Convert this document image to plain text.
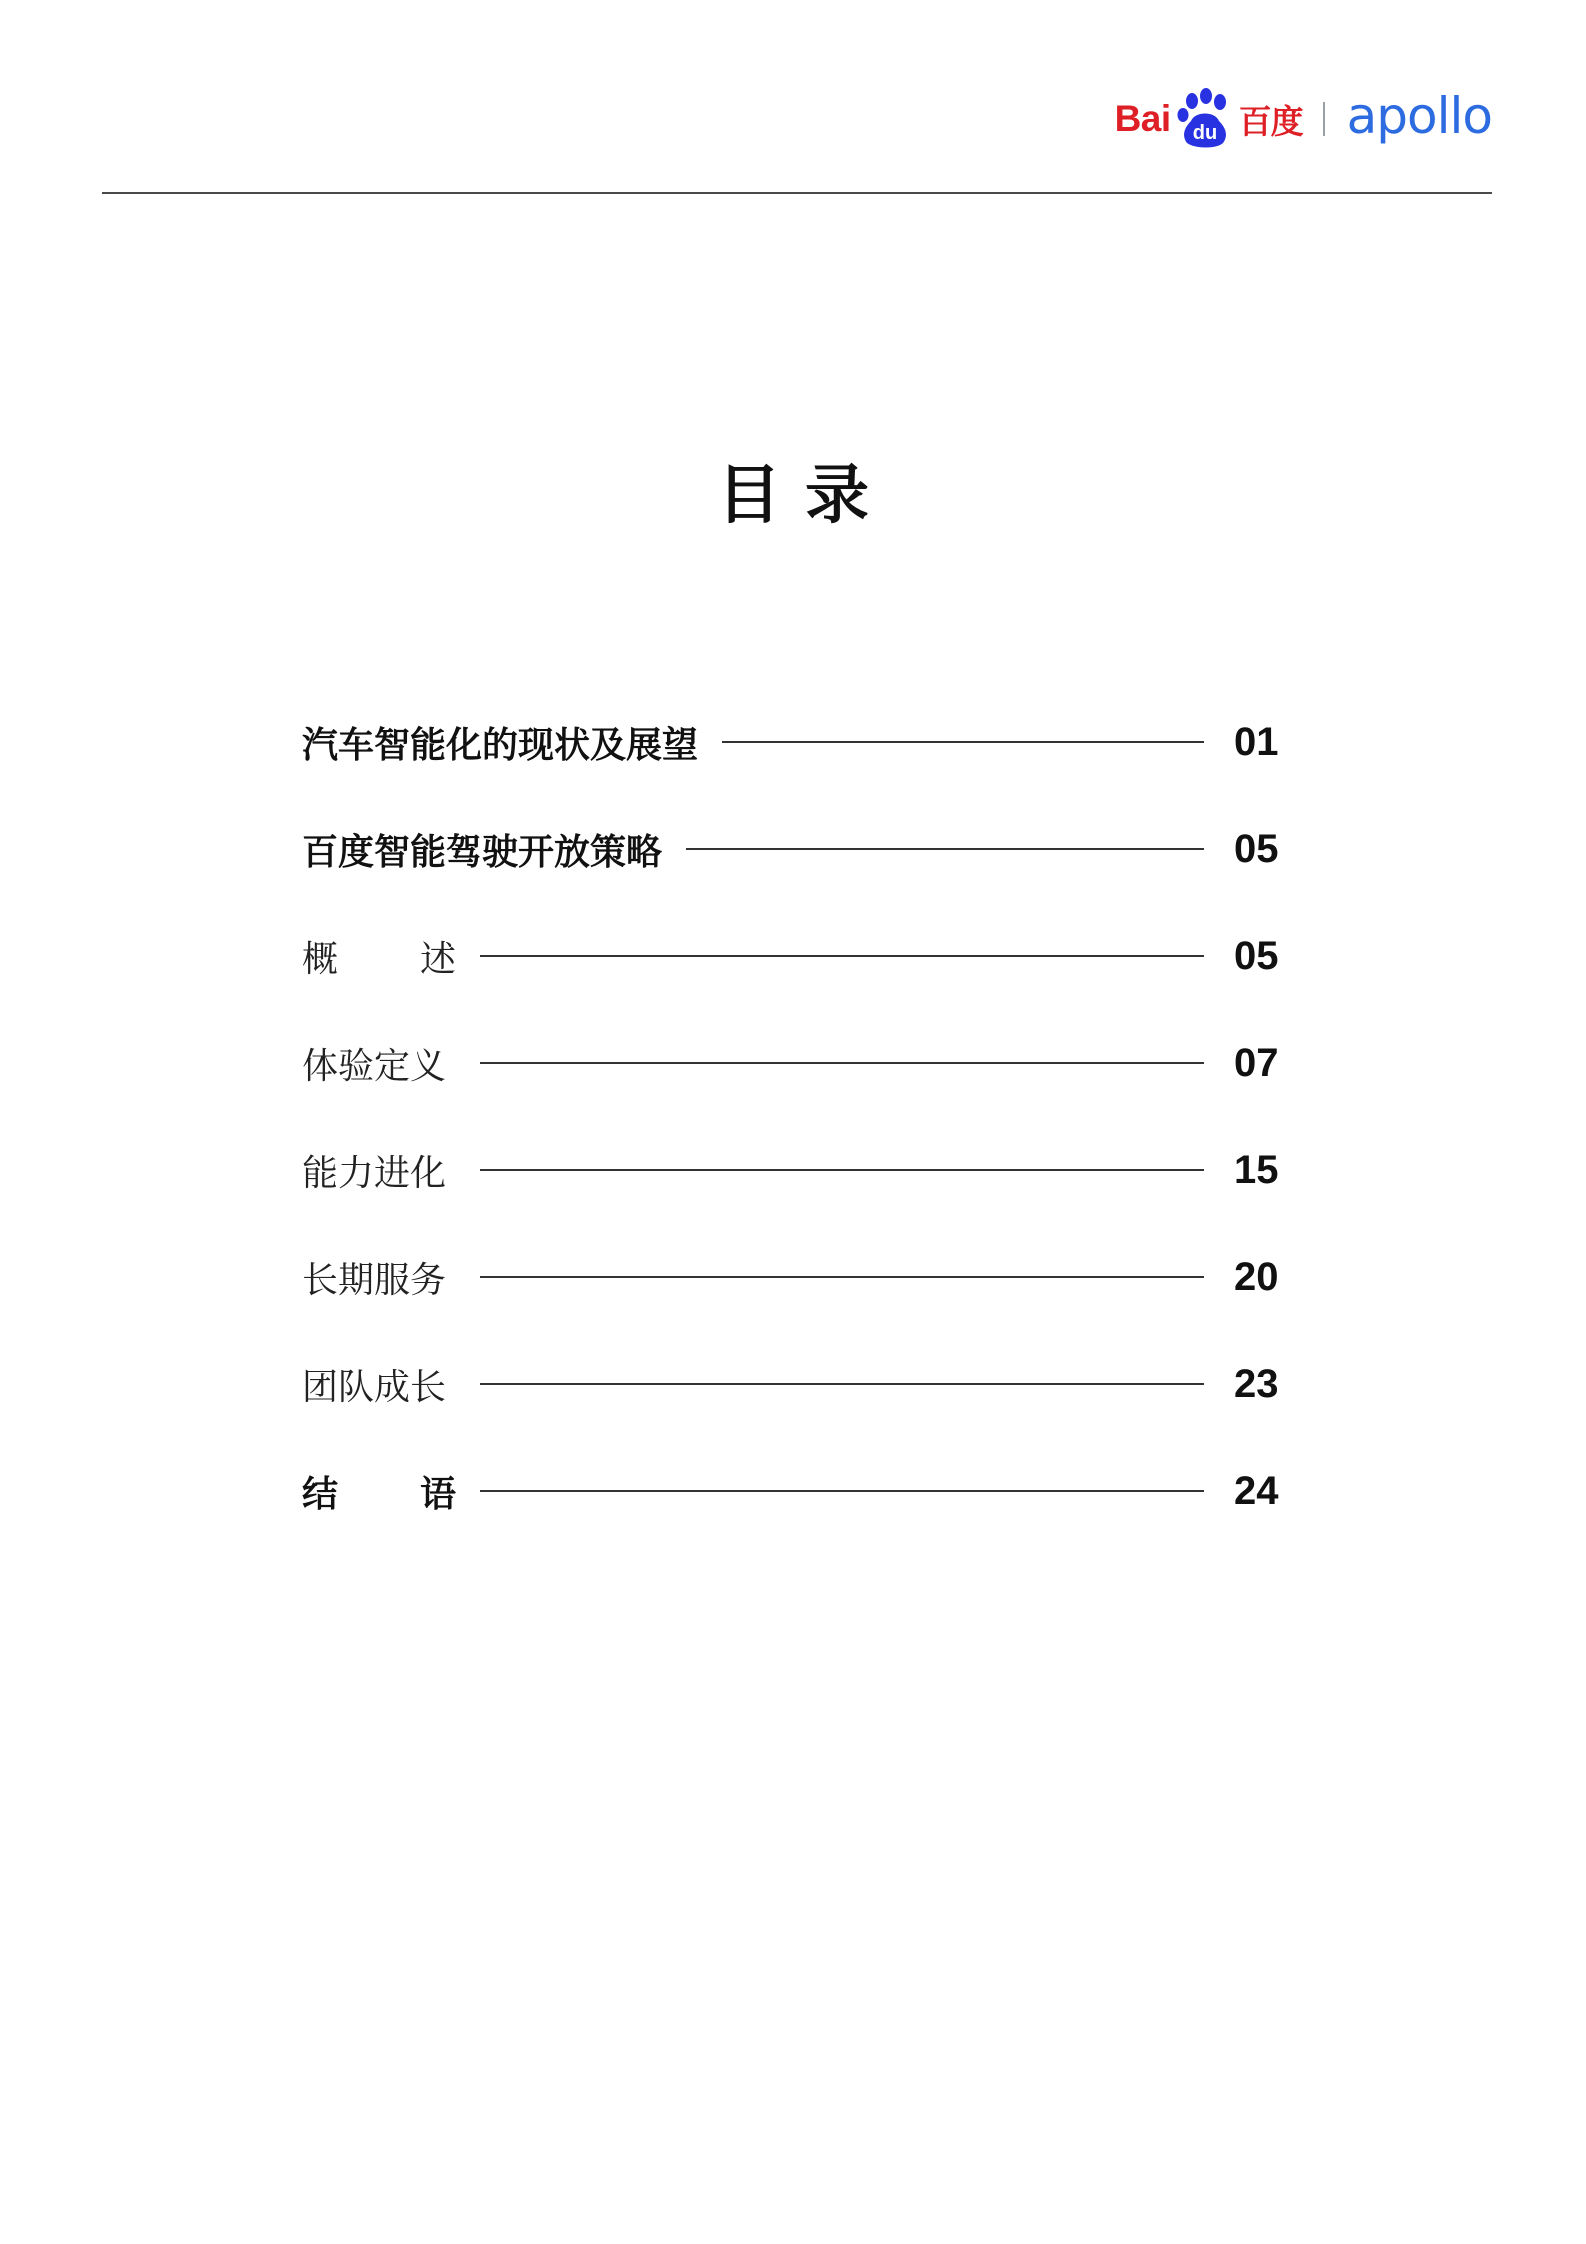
Bai du 百度 apollo
目录
汽车智能化的现状及展望	01
百度智能驾驶开放策略	05
概 述	05
体验定义	07
能力进化	15
长期服务	20
团队成长	23
结 语	24
